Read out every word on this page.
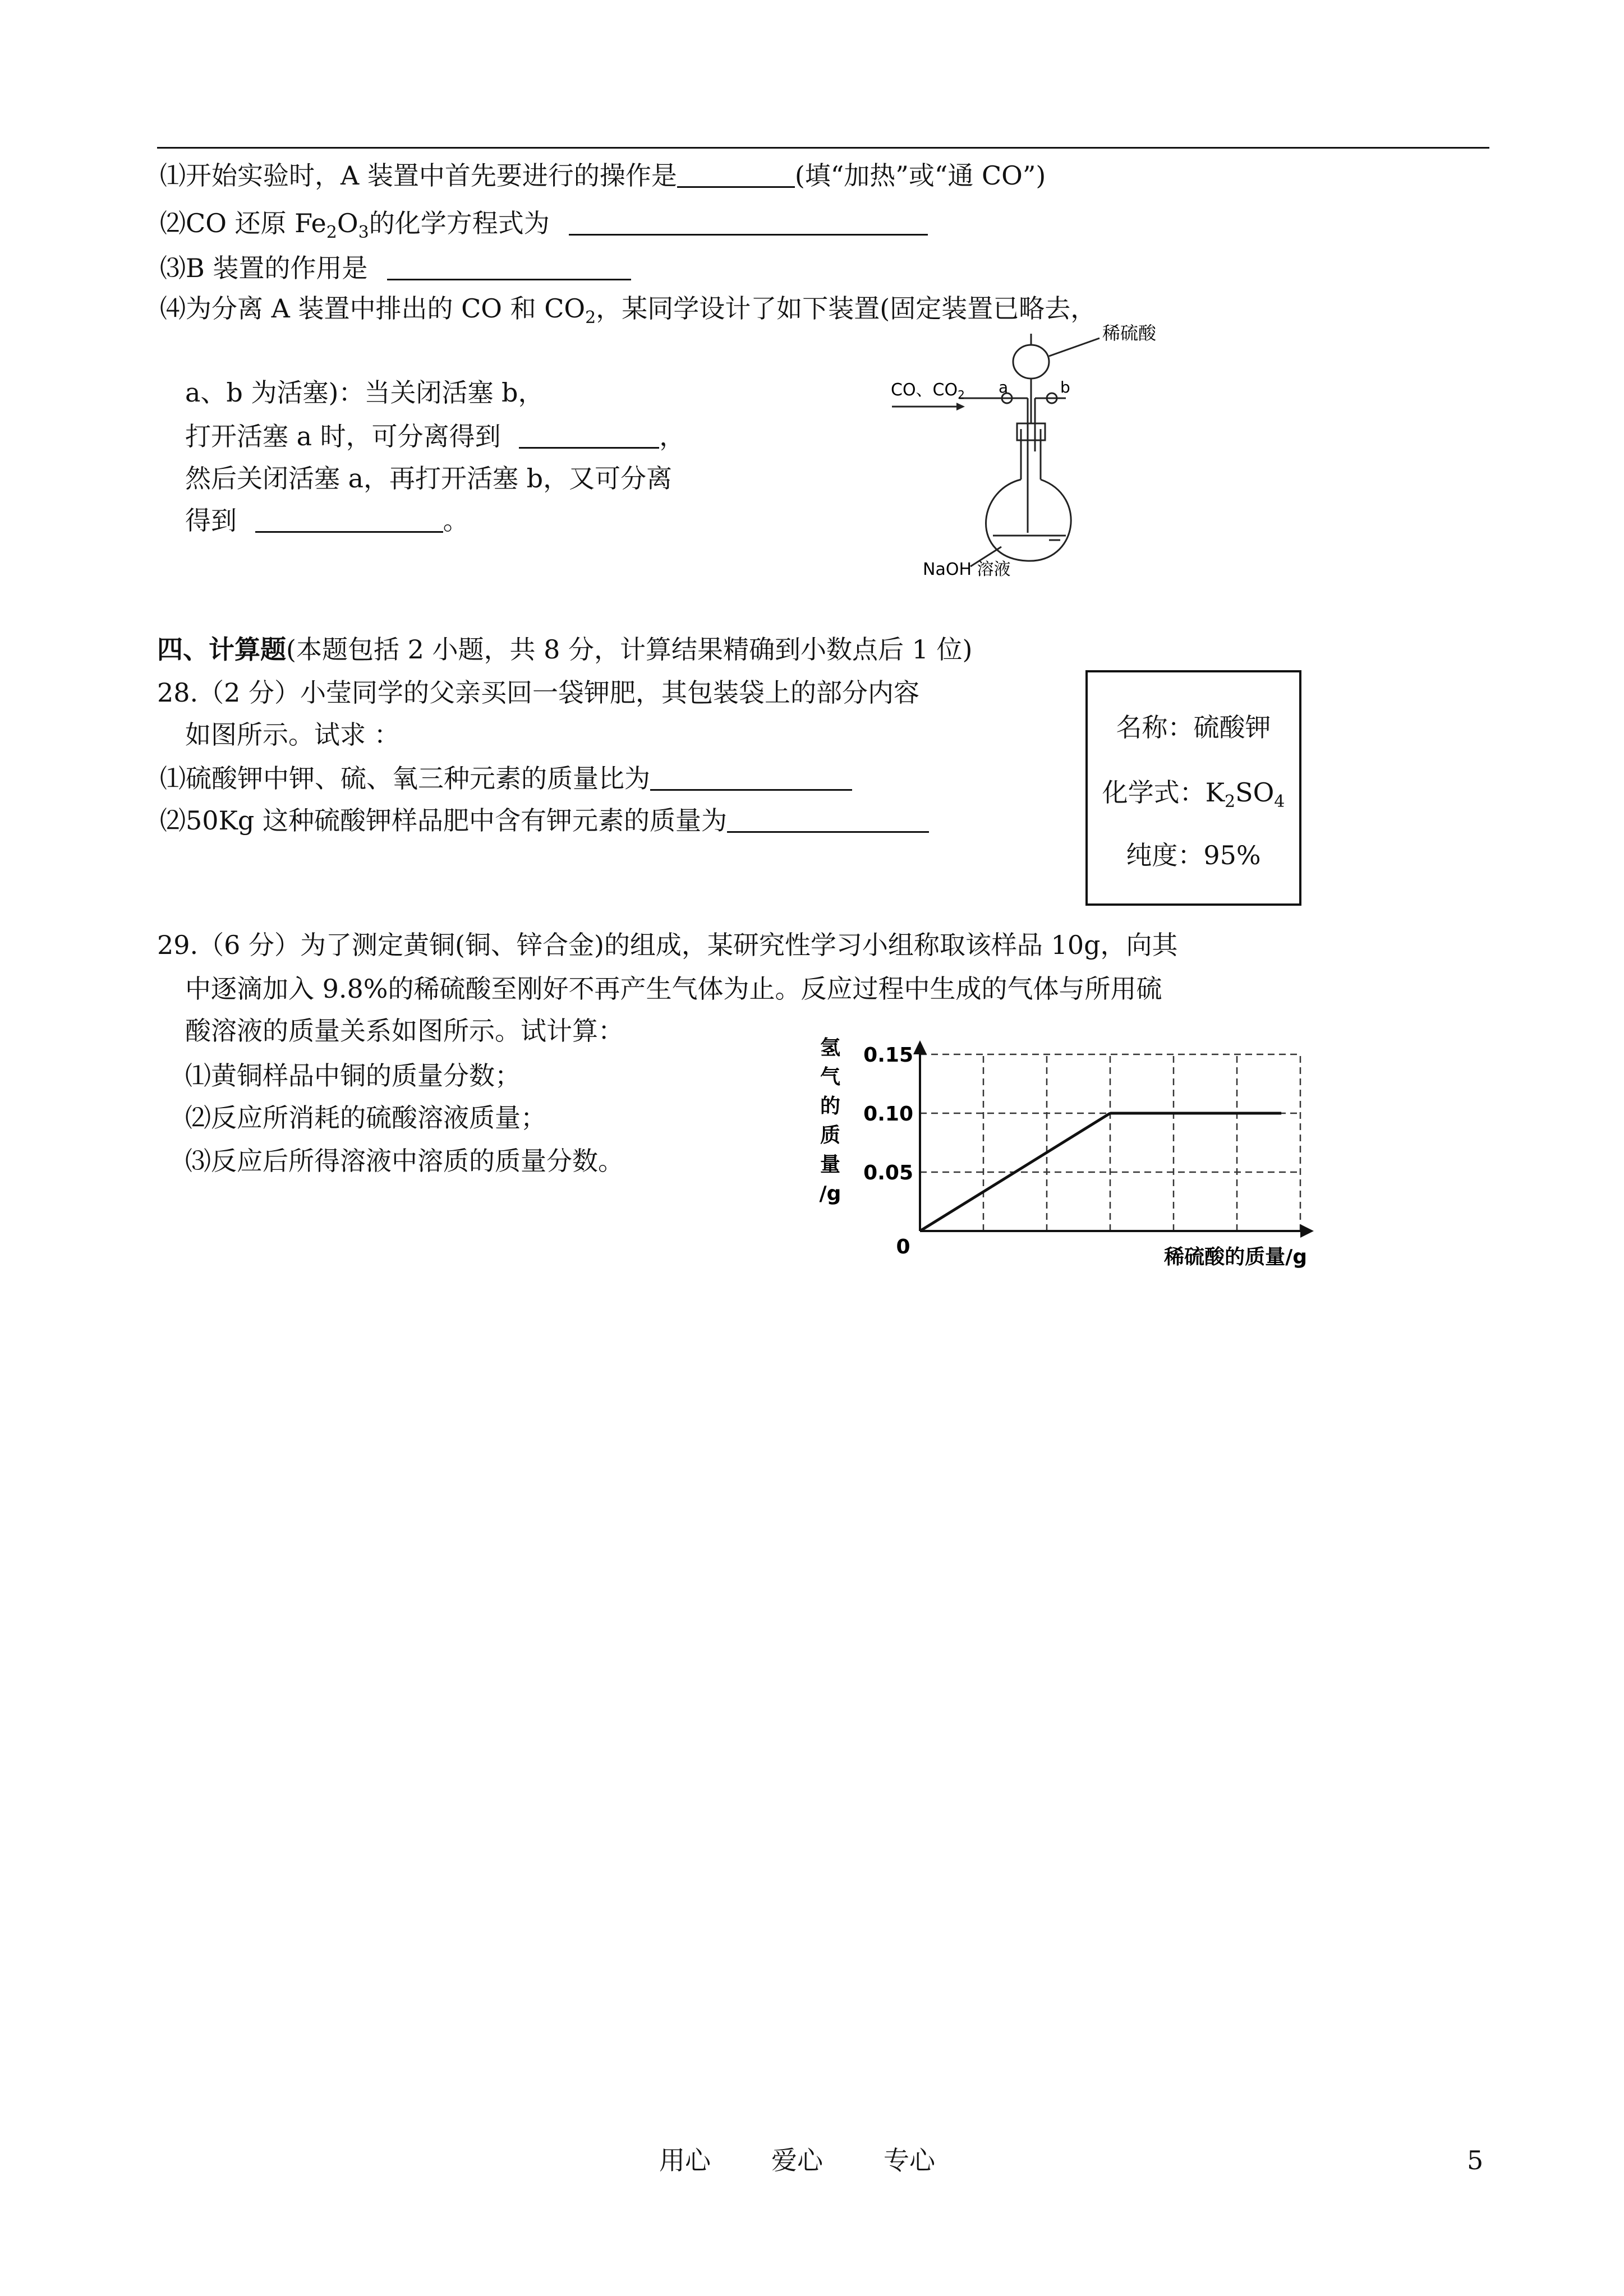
⑴开始实验时，A 装置中首先要进行的操作是	(填“加热”或“通 CO”)
⑵CO 还原 $Fe_2O_3$的化学方程式为
⑶B 装置的作用是
⑷为分离 A 装置中排出的 CO 和 $CO_2$，某同学设计了如下装置(固定装置已略去，
a、b 为活塞)：当关闭活塞 b，
打开活塞 a 时，可分离得到	，
然后关闭活塞 a，再打开活塞 b，又可分离
得到	。
稀硫酸
CO、$CO_2$ a	b
NaOH 溶液
四、计算题(本题包括 2 小题，共 8 分，计算结果精确到小数点后 1 位)
28.（2 分）小莹同学的父亲买回一袋钾肥，其包装袋上的部分内容
如图所示。试求 ：
⑴硫酸钾中钾、硫、氧三种元素的质量比为
⑵50Kg 这种硫酸钾样品肥中含有钾元素的质量为
名称：硫酸钾
化学式：$K_2SO_4$
纯度：95%
29.（6 分）为了测定黄铜(铜、锌合金)的组成，某研究性学习小组称取该样品 10g，向其
中逐滴加入 9.8%的稀硫酸至刚好不再产生气体为止。反应过程中生成的气体与所用硫
酸溶液的质量关系如图所示。试计算：
⑴黄铜样品中铜的质量分数；
⑵反应所消耗的硫酸溶液质量；
⑶反应后所得溶液中溶质的质量分数。
0	稀硫酸的质量/g
0.15
0.10
0.05
氢
气
的
质
量
/g
用心 爱心 专心	5
